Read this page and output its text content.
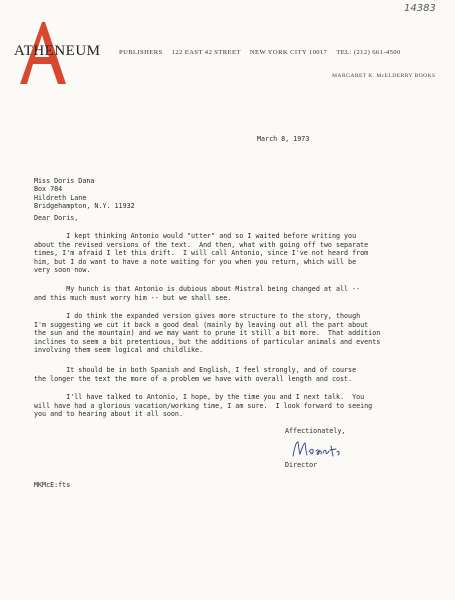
14383
ATHENEUM	PUBLISHERS 122 EAST 42 STREET NEW YORK CITY 10017 TEL: (212) 661-4500
MARGARET K. McELDERRY BOOKS
March 8, 1973

Miss Doris Dana
Box 784
Hildreth Lane
Bridgehampton, N.Y. 11932
Dear Doris,
I kept thinking Antonio would "utter" and so I waited before writing you
about the revised versions of the text.  And then, what with going off two separate
times, I'm afraid I let this drift.  I will call Antonio, since I've not heard from
him, but I do want to have a note waiting for you when you return, which will be
very soon now.
My hunch is that Antonio is dubious about Mistral being changed at all --
and this much must worry him -- but we shall see.
I do think the expanded version gives more structure to the story, though
I'm suggesting we cut it back a good deal (mainly by leaving out all the part about
the sun and the mountain) and we may want to prune it still a bit more.  That addition
inclines to seem a bit pretentious, but the additions of particular animals and events
involving them seem logical and childlike.
It should be in both Spanish and English, I feel strongly, and of course
the longer the text the more of a problem we have with overall length and cost.
I'll have talked to Antonio, I hope, by the time you and I next talk.  You
will have had a glorious vacation/working time, I am sure.  I look forward to seeing
you and to hearing about it all soon.
Affectionately,
Director
MKMcE:fts
